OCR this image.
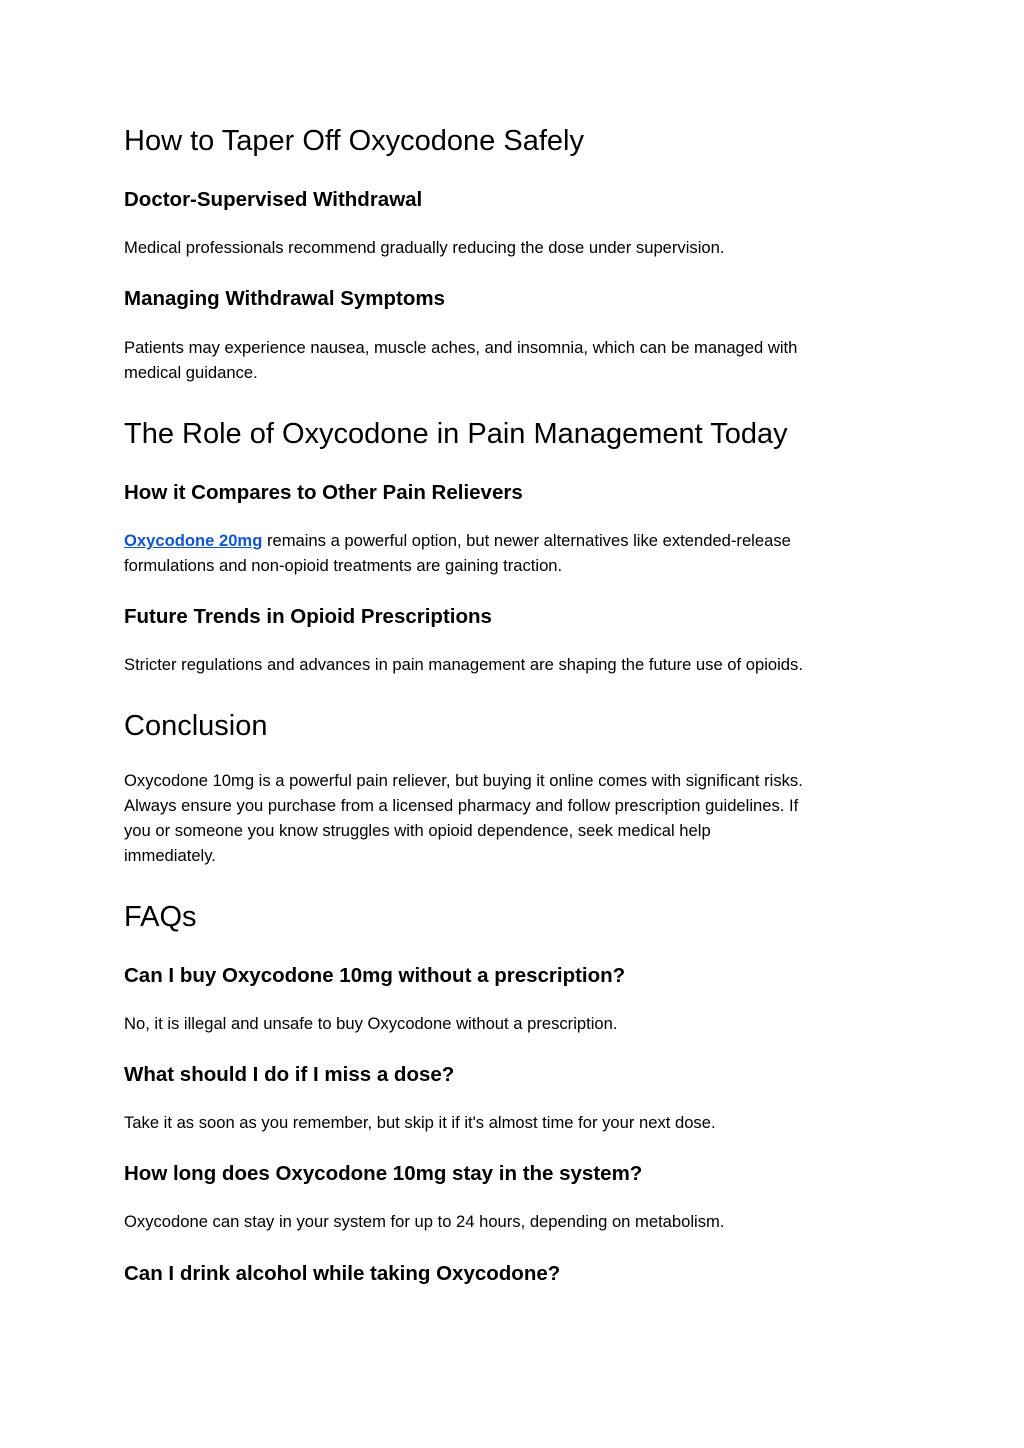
How to Taper Off Oxycodone Safely
Doctor-Supervised Withdrawal

Medical professionals recommend gradually reducing the dose under supervision.

Managing Withdrawal Symptoms

Patients may experience nausea, muscle aches, and insomnia, which can be managed with
medical guidance.

The Role of Oxycodone in Pain Management Today
How it Compares to Other Pain Relievers

Oxycodone 20mg remains a powerful option, but newer alternatives like extended-release
formulations and non-opioid treatments are gaining traction.

Future Trends in Opioid Prescriptions

Stricter regulations and advances in pain management are shaping the future use of opioids.

Conclusion

Oxycodone 10mg is a powerful pain reliever, but buying it online comes with significant risks.
Always ensure you purchase from a licensed pharmacy and follow prescription guidelines. If
you or someone you know struggles with opioid dependence, seek medical help
immediately.

FAQs
Can I buy Oxycodone 10mg without a prescription?

No, it is illegal and unsafe to buy Oxycodone without a prescription.

What should I do if I miss a dose?

Take it as soon as you remember, but skip it if it's almost time for your next dose.

How long does Oxycodone 10mg stay in the system?

Oxycodone can stay in your system for up to 24 hours, depending on metabolism.

Can I drink alcohol while taking Oxycodone?
